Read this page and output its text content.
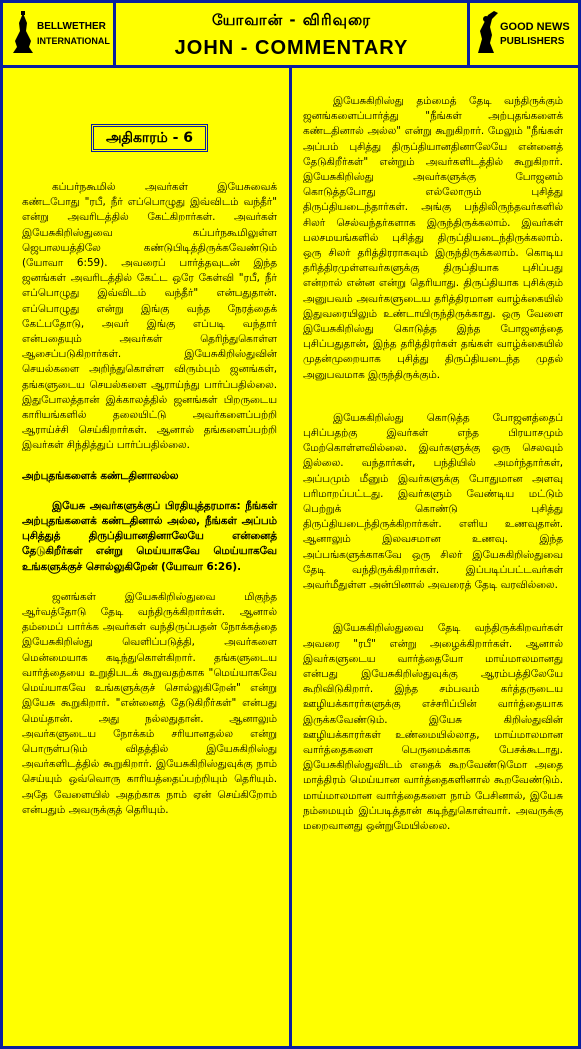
BELLWETHER
INTERNATIONAL
யோவான் - விரிவுரை
JOHN - COMMENTARY
GOOD NEWS
PUBLISHERS
அதிகாரம் - 6

கப்பர்நகூமில் அவர்கள் இயேசுவைக் கண்டபோது "ரபீ, நீர் எப்பொழுது இவ்விடம் வந்தீர்" என்று அவரிடத்தில் கேட்கிறார்கள். அவர்கள் இயேசுகிறிஸ்துவை கப்பர்நகூமிலுள்ள ஜெபாலயத்திலே கண்டுபிடித்திருக்கவேண்டும் (யோவா 6:59). அவரைப் பார்த்தவுடன் இந்த ஜனங்கள் அவரிடத்தில் கேட்ட ஒரே கேள்வி "ரபீ, நீர் எப்பொழுது இவ்விடம் வந்தீர்" என்பதுதான். எப்பொழுது என்று இங்கு வந்த நேரத்தைக் கேட்பதோடு, அவர் இங்கு எப்படி வந்தார் என்பதையும் அவர்கள் தெரிந்துகொள்ள ஆசைப்படுகிறார்கள். இயேசுகிறிஸ்துவின் செயல்களை அறிந்துகொள்ள விரும்பும் ஜனங்கள், தங்களுடைய செயல்களை ஆராய்ந்து பார்ப்பதில்லை. இதுபோலத்தான் இக்காலத்தில் ஜனங்கள் பிறருடைய காரியங்களில் தலையிட்டு அவர்களைப்பற்றி ஆராய்ச்சி செய்கிறார்கள். ஆனால் தங்களைப்பற்றி இவர்கள் சிந்தித்துப் பார்ப்பதில்லை.

அற்புதங்களைக் கண்டதினாலல்ல

இயேசு அவர்களுக்குப் பிரதியுத்தரமாக: நீங்கள் அற்புதங்களைக் கண்டதினால் அல்ல, நீங்கள் அப்பம் புசித்துத் திருப்தியானதினாலேயே என்னைத் தேடுகிறீர்கள் என்று மெய்யாகவே மெய்யாகவே உங்களுக்குச் சொல்லுகிறேன் (யோவா 6:26).

ஜனங்கள் இயேசுகிறிஸ்துவை மிகுந்த ஆர்வத்தோடு தேடி வந்திருக்கிறார்கள். ஆனால் தம்மைப் பார்க்க அவர்கள் வந்திருப்பதன் நோக்கத்தை இயேசுகிறிஸ்து வெளிப்படுத்தி, அவர்களை மென்மையாக கடிந்துகொள்கிறார். தங்களுடைய வார்த்தையை உறுதிபடக் கூறுவதற்காக "மெய்யாகவே மெய்யாகவே உங்களுக்குச் சொல்லுகிறேன்" என்று இயேசு கூறுகிறார். "என்னைத் தேடுகிறீர்கள்" என்பது மெய்தான். அது நல்லதுதான். ஆனாலும் அவர்களுடைய நோக்கம் சரியானதல்ல என்று பொருள்படும் விதத்தில் இயேசுகிறிஸ்து அவர்களிடத்தில் கூறுகிறார். இயேசுகிறிஸ்துவுக்கு நாம் செய்யும் ஒவ்வொரு காரியத்தைப்பற்றியும் தெரியும். அதே வேளையில் அதற்காக நாம் ஏன் செய்கிறோம் என்பதும் அவருக்குத் தெரியும்.

இயேசுகிறிஸ்து தம்மைத் தேடி வந்திருக்கும் ஜனங்களைப்பார்த்து "நீங்கள் அற்புதங்களைக் கண்டதினால் அல்ல" என்று கூறுகிறார். மேலும் "நீங்கள் அப்பம் புசித்து திருப்தியானதினாலேயே என்னைத் தேடுகிறீர்கள்" என்றும் அவர்களிடத்தில் கூறுகிறார். இயேசுகிறிஸ்து அவர்களுக்கு போஜனம் கொடுத்தபோது எல்லோரும் புசித்து திருப்தியடைந்தார்கள். அங்கு பந்திலிருந்தவர்களில் சிலர் செல்வந்தர்களாக இருந்திருக்கலாம். இவர்கள் பலசமயங்களில் புசித்து திருப்தியடைந்திருக்கலாம். ஒரு சிலர் தரித்திரராகவும் இருந்திருக்கலாம். கொடிய தரித்திரமுள்ளவர்களுக்கு திருப்தியாக புசிப்பது என்றால் என்ன என்று தெரியாது. திருப்தியாக புசிக்கும் அனுபவம் அவர்களுடைய தரித்திரமான வாழ்க்கையில் இதுவரையிலும் உண்டாயிருந்திருக்காது. ஒரு வேளை இயேசுகிறிஸ்து கொடுத்த இந்த போஜனத்தை புசிப்பதுதான், இந்த தரித்திரர்கள் தங்கள் வாழ்க்கையில் முதன்முறையாக புசித்து திருப்தியடைந்த முதல் அனுபவமாக இருந்திருக்கும்.

இயேசுகிறிஸ்து கொடுத்த போஜனத்தைப் புசிப்பதற்கு இவர்கள் எந்த பிரயாசமும் மேற்கொள்ளவில்லை. இவர்களுக்கு ஒரு செலவும் இல்லை. வந்தார்கள், பந்தியில் அமர்ந்தார்கள், அப்பமும் மீனும் இவர்களுக்கு போதுமான அளவு பரிமாறப்பட்டது. இவர்களும் வேண்டிய மட்டும் பெற்றுக் கொண்டு புசித்து திருப்தியடைந்திருக்கிறார்கள். எளிய உணவுதான். ஆனாலும் இலவசமான உணவு. இந்த அப்பங்களுக்காகவே ஒரு சிலர் இயேசுகிறிஸ்துவை தேடி வந்திருக்கிறார்கள். இப்படிப்பட்டவர்கள் அவர்மீதுள்ள அன்பினால் அவரைத் தேடி வரவில்லை.

இயேசுகிறிஸ்துவை தேடி வந்திருக்கிறவர்கள் அவரை "ரபீ" என்று அழைக்கிறார்கள். ஆனால் இவர்களுடைய வார்த்தையோ மாய்மாலமானது என்பது இயேசுகிறிஸ்துவுக்கு ஆரம்பத்திலேயே கூறிவிடுகிறார். இந்த சம்பவம் கர்த்தருடைய ஊழியக்காரர்களுக்கு எச்சரிப்பின் வார்த்தையாக இருக்கவேண்டும். இயேசு கிறிஸ்துவின் ஊழியக்காரர்கள் உண்மையில்லாத, மாய்மாலமான வார்த்தைகளை பெருமைக்காக பேசக்கூடாது. இயேசுகிறிஸ்துவிடம் எதைக் கூறவேண்டுமோ அதை மாத்திரம் மெய்யான வார்த்தைகளினால் கூறவேண்டும். மாய்மாலமான வார்த்தைகளை நாம் பேசினால், இயேசு நம்மையும் இப்படித்தான் கடிந்துகொள்வார். அவருக்கு மறைவானது ஒன்றுமேயில்லை.
